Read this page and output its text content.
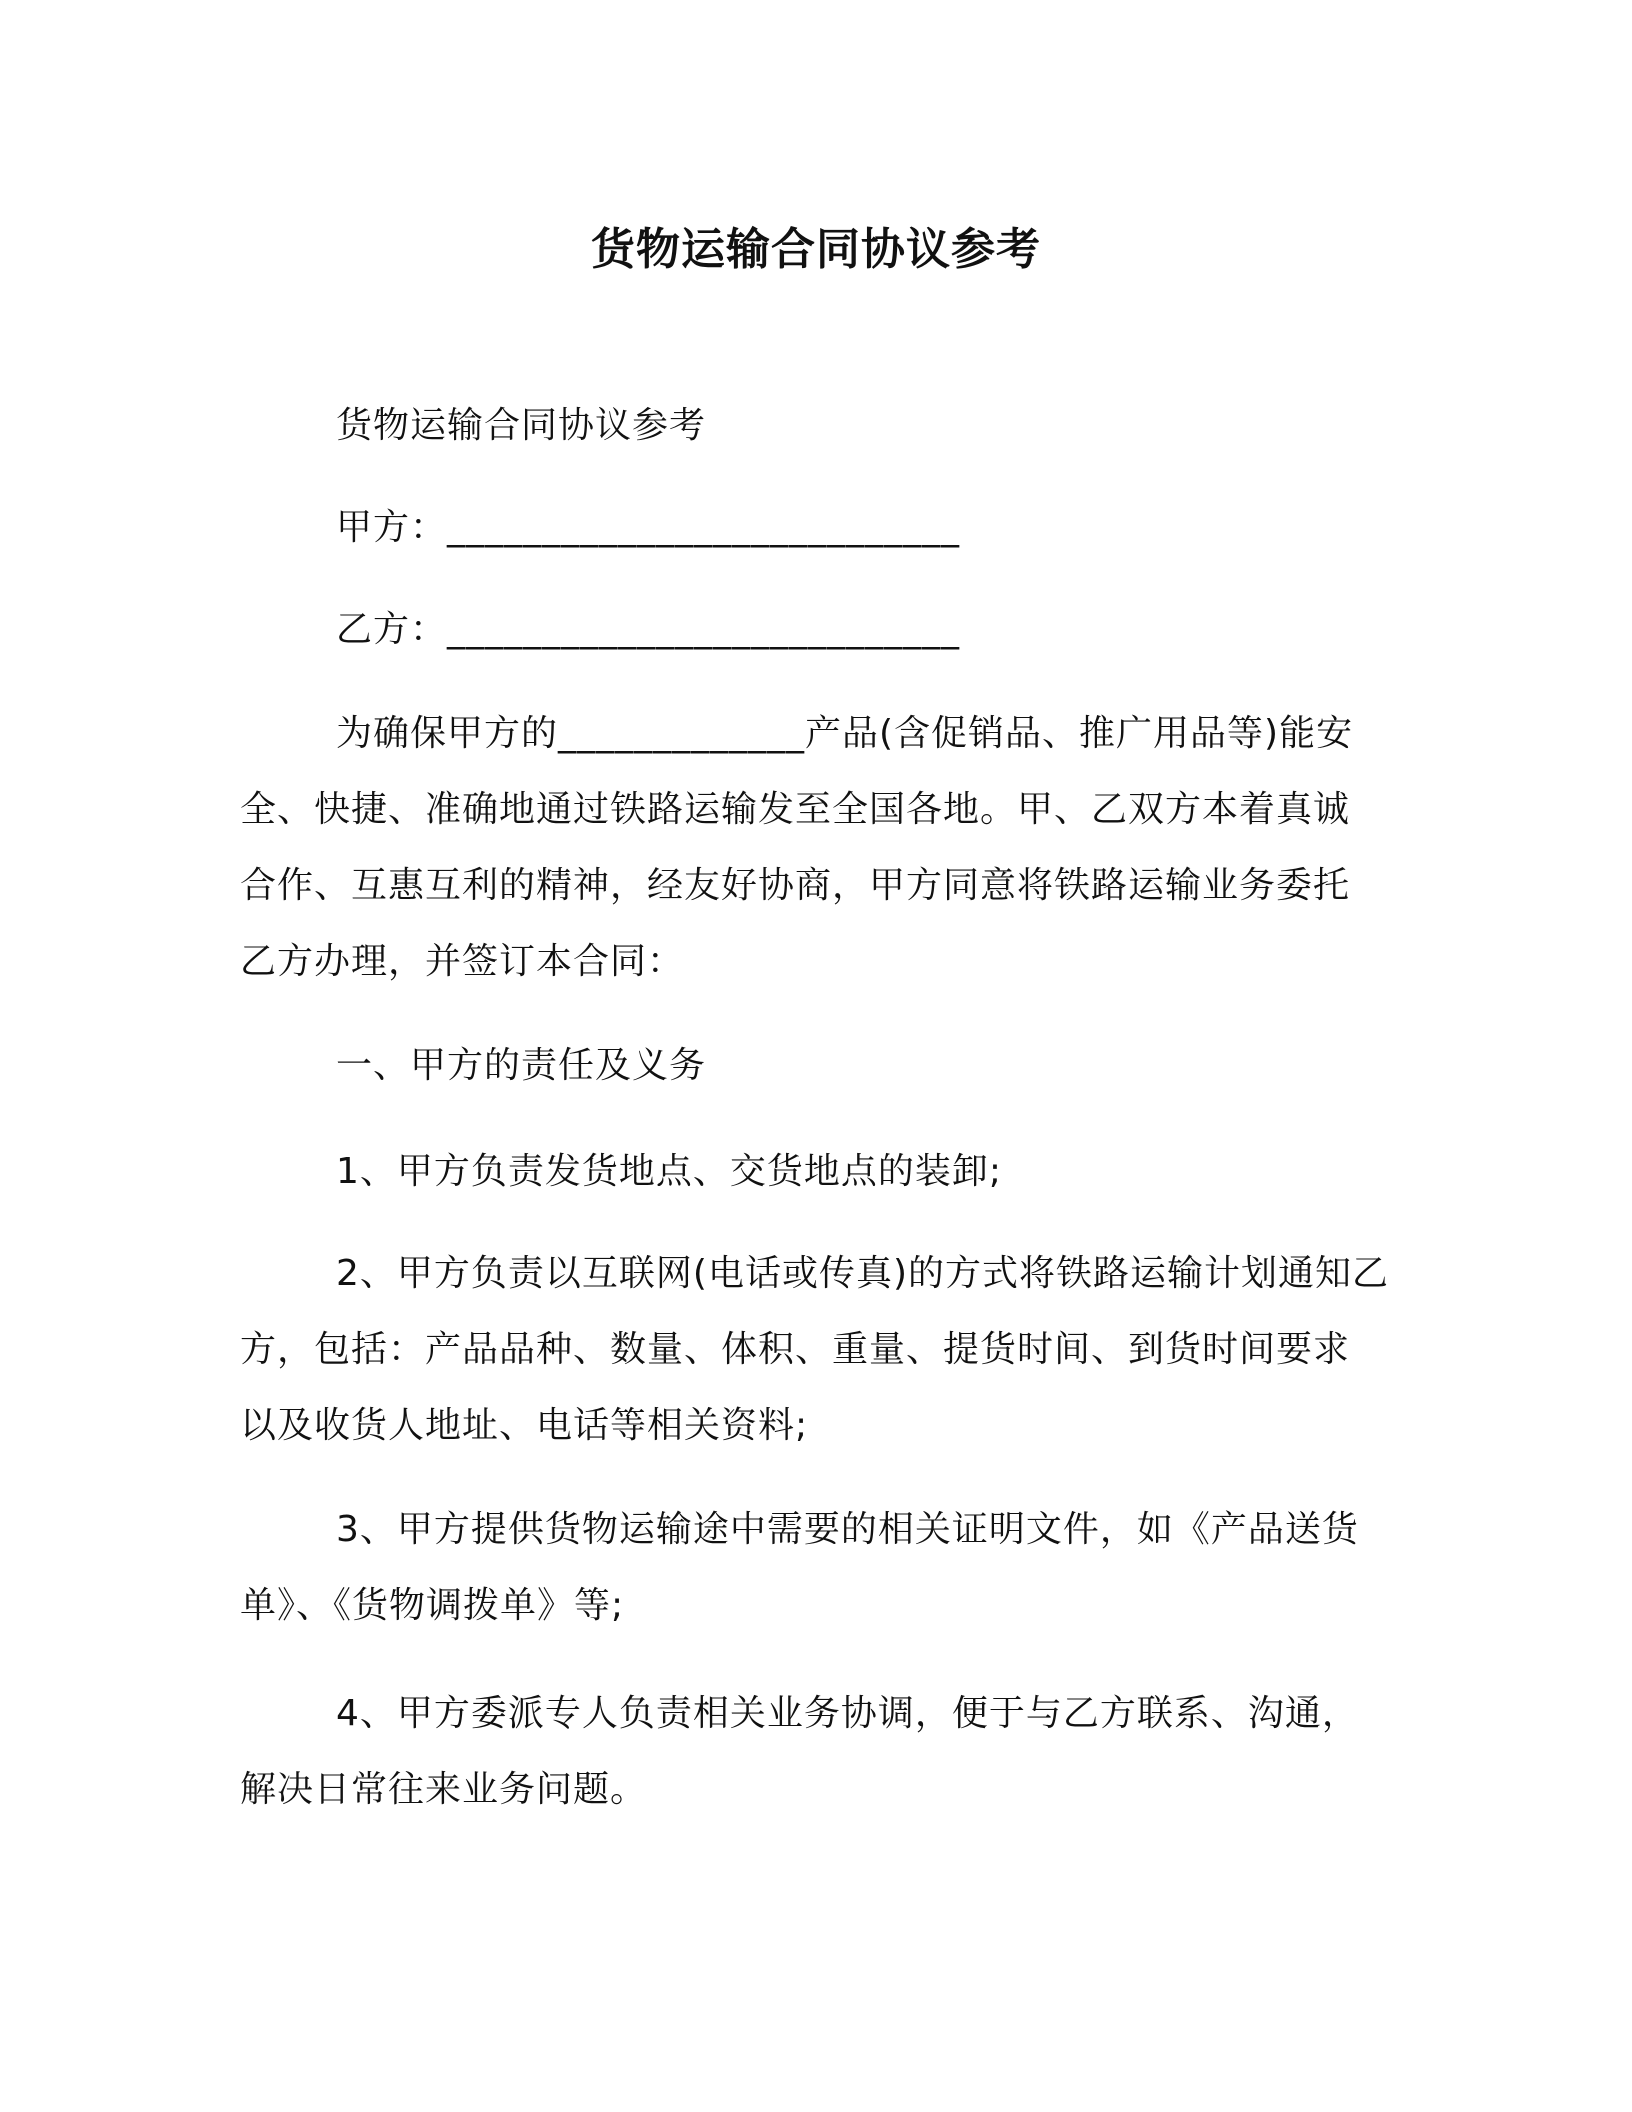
货物运输合同协议参考

货物运输合同协议参考

甲方：___________________________

乙方：___________________________

为确保甲方的_____________产品(含促销品、推广用品等)能安
全、快捷、准确地通过铁路运输发至全国各地。甲、乙双方本着真诚
合作、互惠互利的精神，经友好协商，甲方同意将铁路运输业务委托
乙方办理，并签订本合同：

一、甲方的责任及义务

1、甲方负责发货地点、交货地点的装卸;
2、甲方负责以互联网(电话或传真)的方式将铁路运输计划通知乙
方，包括：产品品种、数量、体积、重量、提货时间、到货时间要求
以及收货人地址、电话等相关资料;
3、甲方提供货物运输途中需要的相关证明文件，如《产品送货
单》、《货物调拨单》等;
4、甲方委派专人负责相关业务协调，便于与乙方联系、沟通，
解决日常往来业务问题。
